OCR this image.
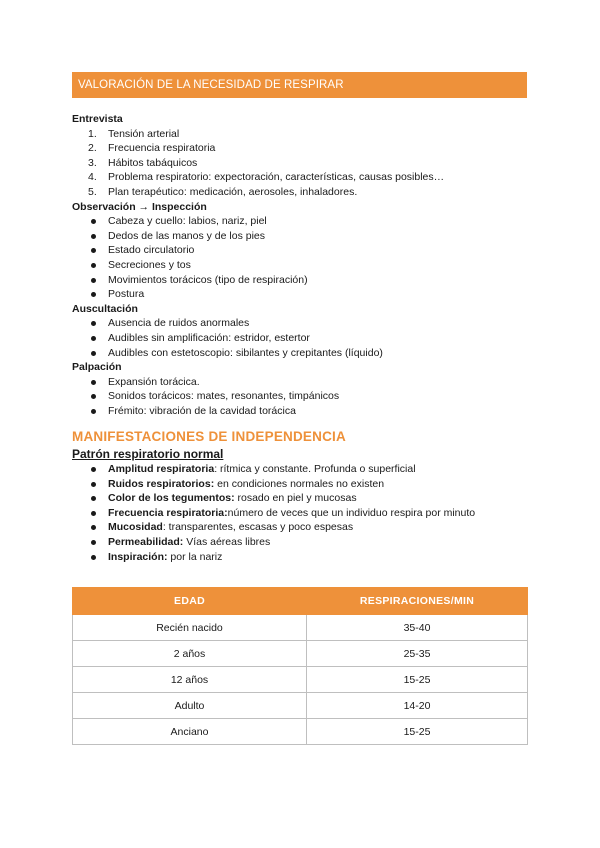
VALORACIÓN DE LA NECESIDAD DE RESPIRAR

Entrevista

1.	Tensión arterial
2.	Frecuencia respiratoria
3.	Hábitos tabáquicos
4.	Problema respiratorio: expectoración, características, causas posibles…
5.	Plan terapéutico: medicación, aerosoles, inhaladores.

Observación → Inspección

Cabeza y cuello: labios, nariz, piel
Dedos de las manos y de los pies
Estado circulatorio
Secreciones y tos
Movimientos torácicos (tipo de respiración)
Postura

Auscultación

Ausencia de ruidos anormales
Audibles sin amplificación: estridor, estertor
Audibles con estetoscopio: sibilantes y crepitantes (líquido)

Palpación

Expansión torácica.
Sonidos torácicos: mates, resonantes, timpánicos
Frémito: vibración de la cavidad torácica
MANIFESTACIONES DE INDEPENDENCIA

Patrón respiratorio normal

Amplitud respiratoria: rítmica y constante. Profunda o superficial
Ruidos respiratorios: en condiciones normales no existen
Color de los tegumentos: rosado en piel y mucosas
Frecuencia respiratoria:número de veces que un individuo respira por minuto
Mucosidad: transparentes, escasas y poco espesas
Permeabilidad: Vías aéreas libres
Inspiración: por la nariz
EDAD	RESPIRACIONES/MIN
Recién nacido	35-40
2 años	25-35
12 años	15-25
Adulto	14-20
Anciano	15-25
